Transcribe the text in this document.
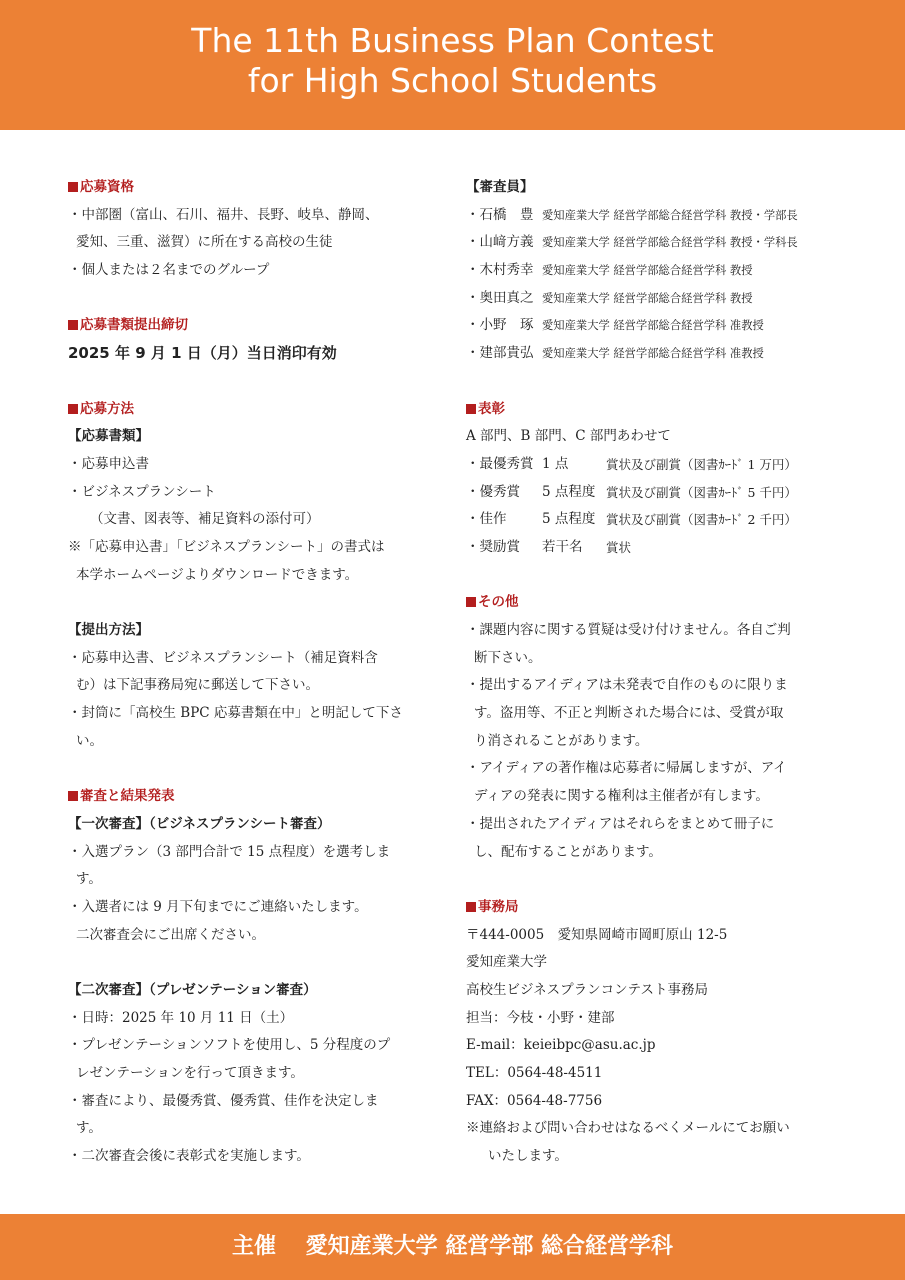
The 11th Business Plan Contest
for High School Students
応募資格
・中部圏（富山、石川、福井、長野、岐阜、静岡、
愛知、三重、滋賀）に所在する高校の生徒
・個人または２名までのグループ
応募書類提出締切
2025 年 9 月 1 日（月）当日消印有効
応募方法
【応募書類】
・応募申込書
・ビジネスプランシート
（文書、図表等、補足資料の添付可）
※「応募申込書」「ビジネスプランシート」の書式は
本学ホームページよりダウンロードできます。
【提出方法】
・応募申込書、ビジネスプランシート（補足資料含
む）は下記事務局宛に郵送して下さい。
・封筒に「高校生 BPC 応募書類在中」と明記して下さ
い。
審査と結果発表
【一次審査】（ビジネスプランシート審査）
・入選プラン（3 部門合計で 15 点程度）を選考しま
す。
・入選者には 9 月下旬までにご連絡いたします。
二次審査会にご出席ください。
【二次審査】（プレゼンテーション審査）
・日時：2025 年 10 月 11 日（土）
・プレゼンテーションソフトを使用し、5 分程度のプ
レゼンテーションを行って頂きます。
・審査により、最優秀賞、優秀賞、佳作を決定しま
す。
・二次審査会後に表彰式を実施します。
【審査員】
・石橋　豊 愛知産業大学 経営学部総合経営学科 教授・学部長
・山﨑方義 愛知産業大学 経営学部総合経営学科 教授・学科長
・木村秀幸 愛知産業大学 経営学部総合経営学科 教授
・奥田真之 愛知産業大学 経営学部総合経営学科 教授
・小野　琢 愛知産業大学 経営学部総合経営学科 准教授
・建部貴弘 愛知産業大学 経営学部総合経営学科 准教授
表彰
A 部門、B 部門、C 部門あわせて
・最優秀賞 1 点	賞状及び副賞（図書ｶｰﾄﾞ 1 万円）
・優秀賞	5 点程度 賞状及び副賞（図書ｶｰﾄﾞ 5 千円）
・佳作	5 点程度 賞状及び副賞（図書ｶｰﾄﾞ 2 千円）
・奨励賞	若干名	賞状
その他
・課題内容に関する質疑は受け付けません。各自ご判
断下さい。
・提出するアイディアは未発表で自作のものに限りま
す。盗用等、不正と判断された場合には、受賞が取
り消されることがあります。
・アイディアの著作権は応募者に帰属しますが、アイ
ディアの発表に関する権利は主催者が有します。
・提出されたアイディアはそれらをまとめて冊子に
し、配布することがあります。
事務局
〒444-0005　愛知県岡崎市岡町原山 12-5
愛知産業大学
高校生ビジネスプランコンテスト事務局
担当：今枝・小野・建部
E-mail：keieibpc@asu.ac.jp
TEL：0564-48-4511
FAX：0564-48-7756
※連絡および問い合わせはなるべくメールにてお願い
いたします。
主催　 愛知産業大学 経営学部 総合経営学科
